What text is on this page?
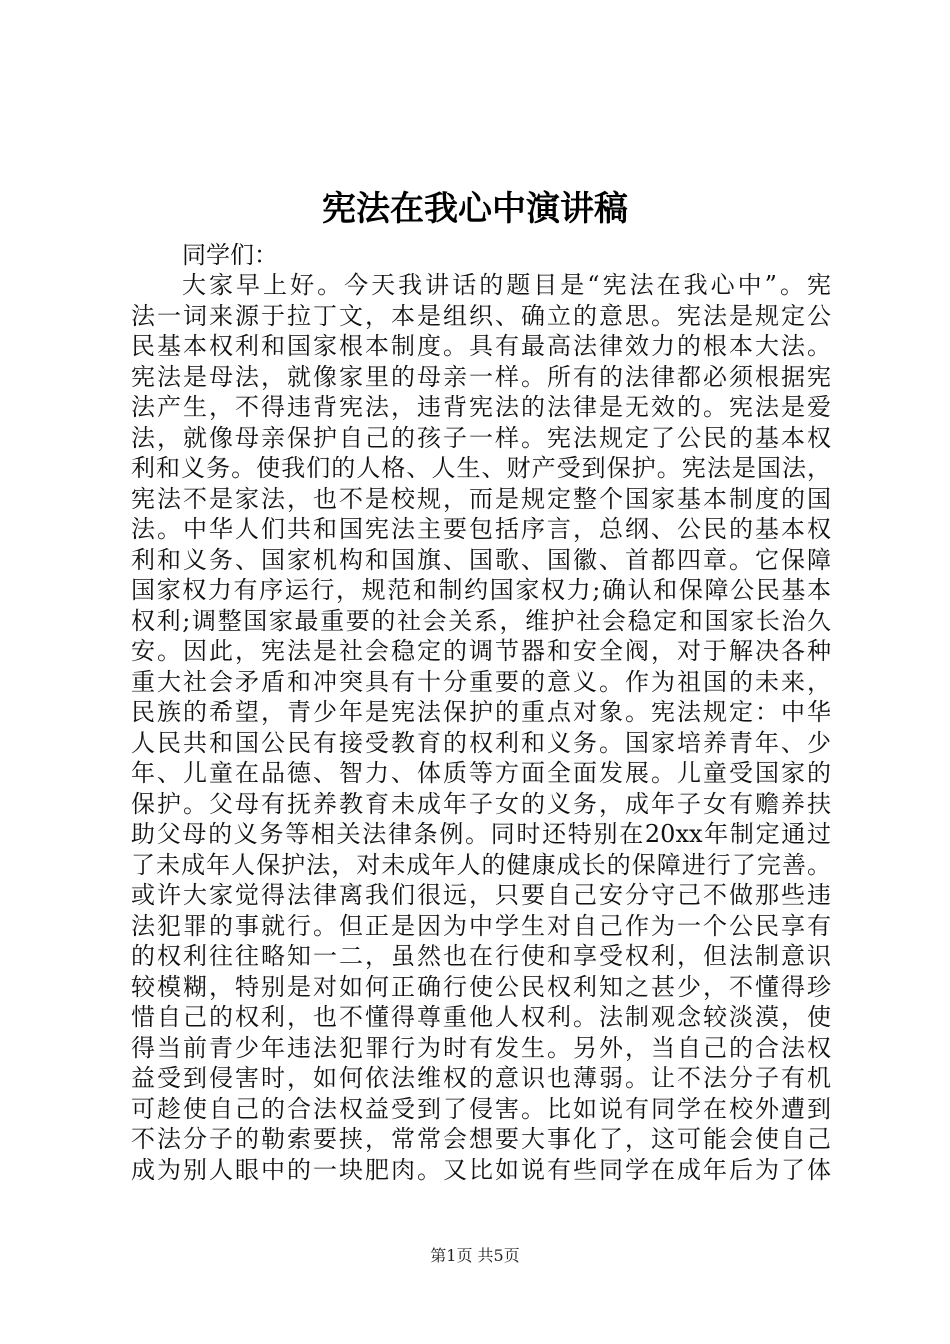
宪法在我心中演讲稿
同学们：
大家早上好。今天我讲话的题目是“宪法在我心中”。宪
法一词来源于拉丁文，本是组织、确立的意思。宪法是规定公
民基本权利和国家根本制度。具有最高法律效力的根本大法。
宪法是母法，就像家里的母亲一样。所有的法律都必须根据宪
法产生，不得违背宪法，违背宪法的法律是无效的。宪法是爱
法，就像母亲保护自己的孩子一样。宪法规定了公民的基本权
利和义务。使我们的人格、人生、财产受到保护。宪法是国法，
宪法不是家法，也不是校规，而是规定整个国家基本制度的国
法。中华人们共和国宪法主要包括序言，总纲、公民的基本权
利和义务、国家机构和国旗、国歌、国徽、首都四章。它保障
国家权力有序运行，规范和制约国家权力;确认和保障公民基本
权利;调整国家最重要的社会关系，维护社会稳定和国家长治久
安。因此，宪法是社会稳定的调节器和安全阀，对于解决各种
重大社会矛盾和冲突具有十分重要的意义。作为祖国的未来，
民族的希望，青少年是宪法保护的重点对象。宪法规定：中华
人民共和国公民有接受教育的权利和义务。国家培养青年、少
年、儿童在品德、智力、体质等方面全面发展。儿童受国家的
保护。父母有抚养教育未成年子女的义务，成年子女有赡养扶
助父母的义务等相关法律条例。同时还特别在20xx年制定通过
了未成年人保护法，对未成年人的健康成长的保障进行了完善。
或许大家觉得法律离我们很远，只要自己安分守己不做那些违
法犯罪的事就行。但正是因为中学生对自己作为一个公民享有
的权利往往略知一二，虽然也在行使和享受权利，但法制意识
较模糊，特别是对如何正确行使公民权利知之甚少，不懂得珍
惜自己的权利，也不懂得尊重他人权利。法制观念较淡漠，使
得当前青少年违法犯罪行为时有发生。另外，当自己的合法权
益受到侵害时，如何依法维权的意识也薄弱。让不法分子有机
可趁使自己的合法权益受到了侵害。比如说有同学在校外遭到
不法分子的勒索要挟，常常会想要大事化了，这可能会使自己
成为别人眼中的一块肥肉。又比如说有些同学在成年后为了体
第1页 共5页
